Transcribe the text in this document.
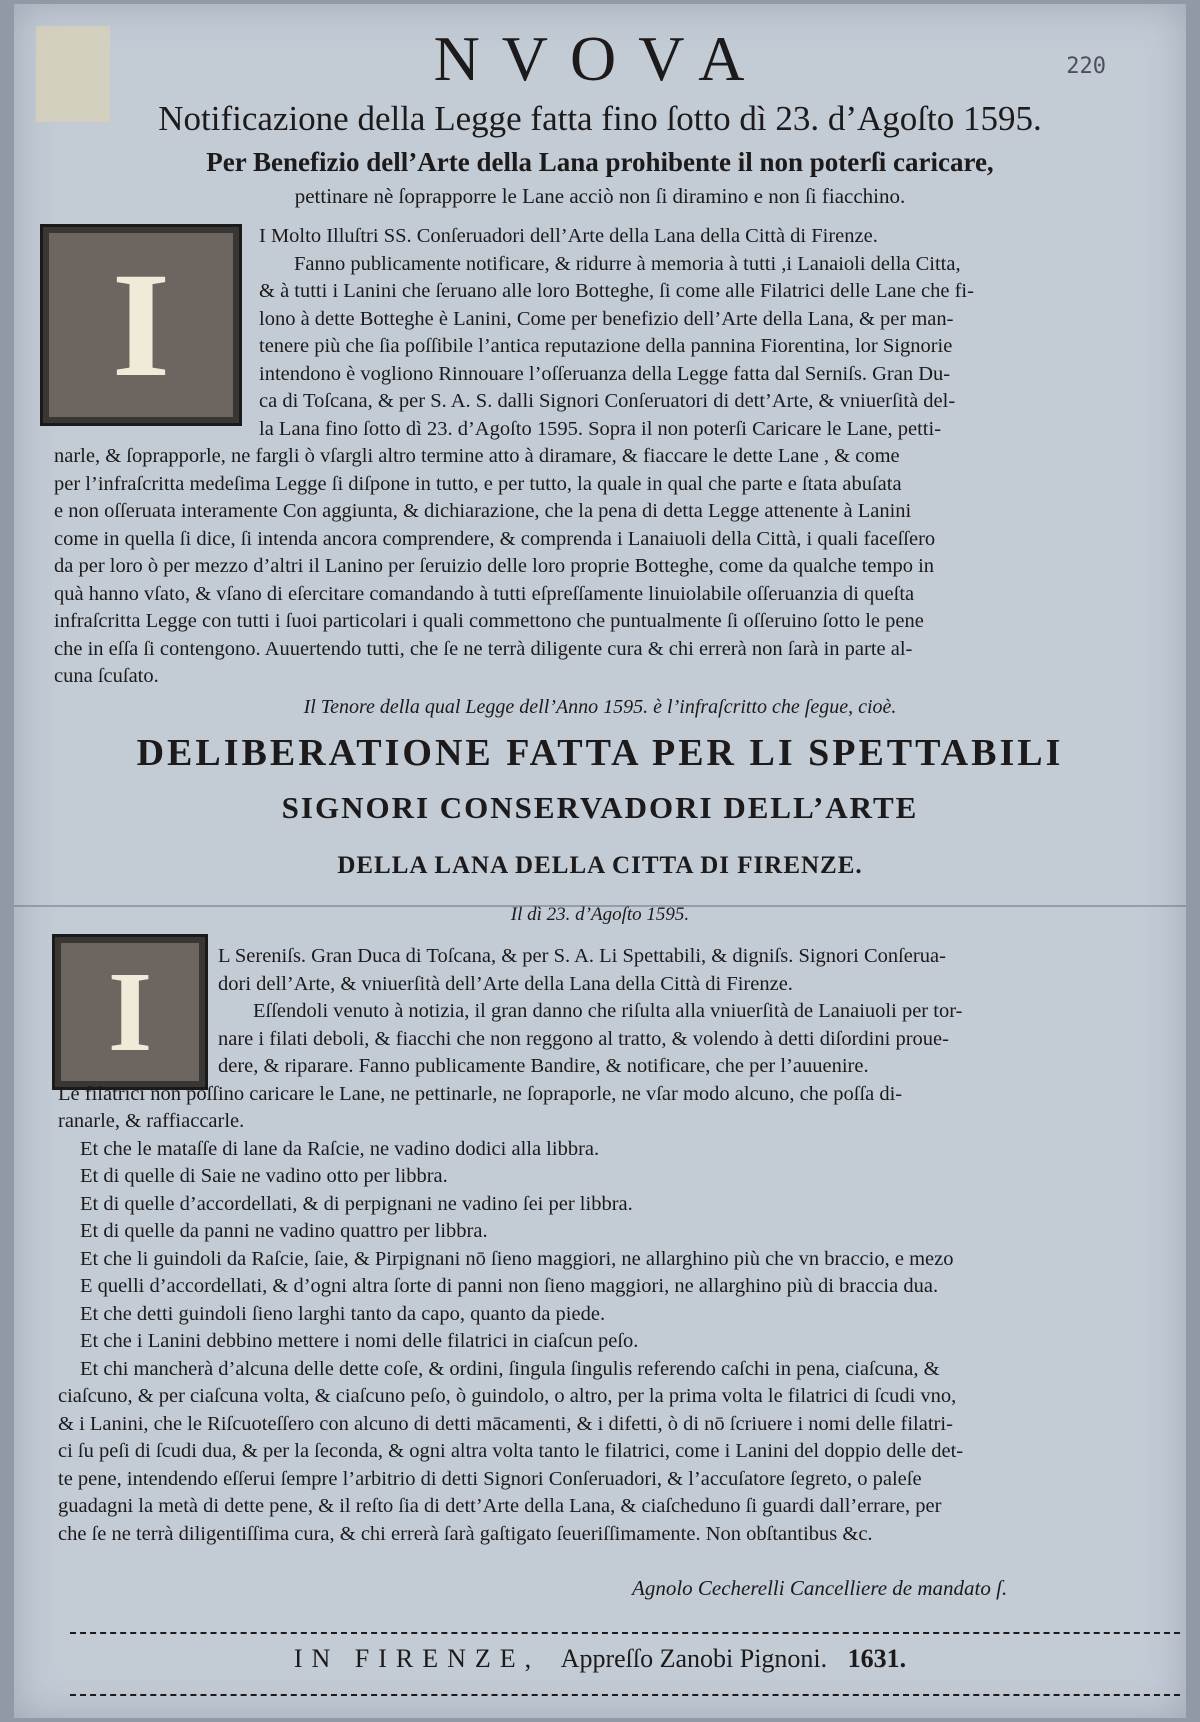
220
NVOVA
Notificazione della Legge fatta fino ſotto dì 23. d’Agoſto 1595.
Per Benefizio dell’Arte della Lana prohibente il non poterſi caricare,
pettinare nè ſoprapporre le Lane acciò non ſi diramino e non ſi fiacchino.
I
I Molto Illuſtri SS. Conſeruadori dell’Arte della Lana della Città di Firenze.
Fanno publicamente notificare, & ridurre à memoria à tutti ,i Lanaioli della Citta,
& à tutti i Lanini che ſeruano alle loro Botteghe, ſi come alle Filatrici delle Lane che fi-
lono à dette Botteghe è Lanini, Come per benefizio dell’Arte della Lana, & per man-
tenere più che ſia poſſibile l’antica reputazione della pannina Fiorentina, lor Signorie
intendono è vogliono Rinnouare l’oſſeruanza della Legge fatta dal Serniſs. Gran Du-
ca di Toſcana, & per S. A. S. dalli Signori Conſeruatori di dett’Arte, & vniuerſità del-
la Lana fino ſotto dì 23. d’Agoſto 1595. Sopra il non poterſi Caricare le Lane, petti-
narle, & ſoprapporle, ne fargli ò vſargli altro termine atto à diramare, & fiaccare le dette Lane , & come
per l’infraſcritta medeſima Legge ſi diſpone in tutto, e per tutto, la quale in qual che parte e ſtata abuſata
e non oſſeruata interamente Con aggiunta, & dichiarazione, che la pena di detta Legge attenente à Lanini
come in quella ſi dice, ſi intenda ancora comprendere, & comprenda i Lanaiuoli della Città, i quali faceſſero
da per loro ò per mezzo d’altri il Lanino per ſeruizio delle loro proprie Botteghe, come da qualche tempo in
quà hanno vſato, & vſano di eſercitare comandando à tutti eſpreſſamente linuiolabile oſſeruanzia di queſta
infraſcritta Legge con tutti i ſuoi particolari i quali commettono che puntualmente ſi oſſeruino ſotto le pene
che in eſſa ſi contengono. Auuertendo tutti, che ſe ne terrà diligente cura & chi errerà non ſarà in parte al-
cuna ſcuſato.
Il Tenore della qual Legge dell’Anno 1595. è l’infraſcritto che ſegue, cioè.
DELIBERATIONE FATTA PER LI SPETTABILI
SIGNORI CONSERVADORI DELL’ARTE
DELLA LANA DELLA CITTA DI FIRENZE.
Il dì 23. d’Agoſto 1595.
I	L Sereniſs. Gran Duca di Toſcana, & per S. A. Li Spettabili, & digniſs. Signori Conſerua-
dori dell’Arte, & vniuerſità dell’Arte della Lana della Città di Firenze.
Eſſendoli venuto à notizia, il gran danno che riſulta alla vniuerſità de Lanaiuoli per tor-
nare i filati deboli, & fiacchi che non reggono al tratto, & volendo à detti diſordini proue-
dere, & riparare. Fanno publicamente Bandire, & notificare, che per l’auuenire.
Le filatrici non poſſino caricare le Lane, ne pettinarle, ne ſopraporle, ne vſar modo alcuno, che poſſa di-
ranarle, & raffiaccarle.
Et che le mataſſe di lane da Raſcie, ne vadino dodici alla libbra.
Et di quelle di Saie ne vadino otto per libbra.
Et di quelle d’accordellati, & di perpignani ne vadino ſei per libbra.
Et di quelle da panni ne vadino quattro per libbra.
Et che li guindoli da Raſcie, ſaie, & Pirpignani nō ſieno maggiori, ne allarghino più che vn braccio, e mezo
E quelli d’accordellati, & d’ogni altra ſorte di panni non ſieno maggiori, ne allarghino più di braccia dua.
Et che detti guindoli ſieno larghi tanto da capo, quanto da piede.
Et che i Lanini debbino mettere i nomi delle filatrici in ciaſcun peſo.
Et chi mancherà d’alcuna delle dette coſe, & ordini, ſingula ſingulis referendo caſchi in pena, ciaſcuna, &
ciaſcuno, & per ciaſcuna volta, & ciaſcuno peſo, ò guindolo, o altro, per la prima volta le filatrici di ſcudi vno,
& i Lanini, che le Riſcuoteſſero con alcuno di detti mācamenti, & i difetti, ò di nō ſcriuere i nomi delle filatri-
ci ſu peſi di ſcudi dua, & per la ſeconda, & ogni altra volta tanto le filatrici, come i Lanini del doppio delle det-
te pene, intendendo eſſerui ſempre l’arbitrio di detti Signori Conſeruadori, & l’accuſatore ſegreto, o paleſe
guadagni la metà di dette pene, & il reſto ſia di dett’Arte della Lana, & ciaſcheduno ſi guardi dall’errare, per
che ſe ne terrà diligentiſſima cura, & chi errerà ſarà gaſtigato ſeueriſſimamente. Non obſtantibus &c.
Agnolo Cecherelli Cancelliere de mandato ſ.
IN FIRENZE, Appreſſo Zanobi Pignoni. 1631.
